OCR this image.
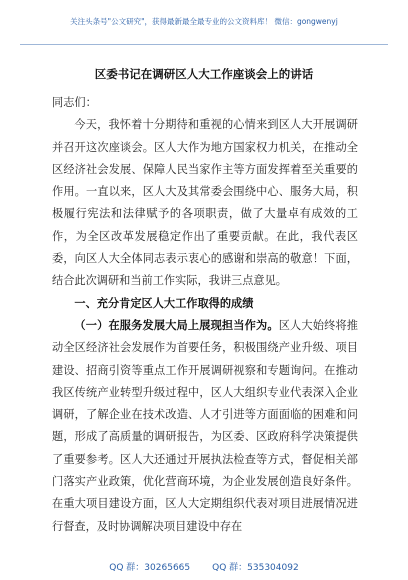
关注头条号"公文研究"，获得最新最全最专业的公文资料库！ 微信：gongwenyj
区委书记在调研区人大工作座谈会上的讲话

同志们：

今天，我怀着十分期待和重视的心情来到区人大开展调研并召开这次座谈会。区人大作为地方国家权力机关，在推动全区经济社会发展、保障人民当家作主等方面发挥着至关重要的作用。一直以来，区人大及其常委会围绕中心、服务大局，积极履行宪法和法律赋予的各项职责，做了大量卓有成效的工作，为全区改革发展稳定作出了重要贡献。在此，我代表区委，向区人大全体同志表示衷心的感谢和崇高的敬意！下面，结合此次调研和当前工作实际，我讲三点意见。

一、充分肯定区人大工作取得的成绩

（一）在服务发展大局上展现担当作为。区人大始终将推动全区经济社会发展作为首要任务，积极围绕产业升级、项目建设、招商引资等重点工作开展调研视察和专题询问。在推动我区传统产业转型升级过程中，区人大组织专业代表深入企业调研，了解企业在技术改造、人才引进等方面面临的困难和问题，形成了高质量的调研报告，为区委、区政府科学决策提供了重要参考。区人大还通过开展执法检查等方式，督促相关部门落实产业政策，优化营商环境，为企业发展创造良好条件。在重大项目建设方面，区人大定期组织代表对项目进展情况进行督查，及时协调解决项目建设中存在

QQ 群：30265665 QQ 群：535304092
